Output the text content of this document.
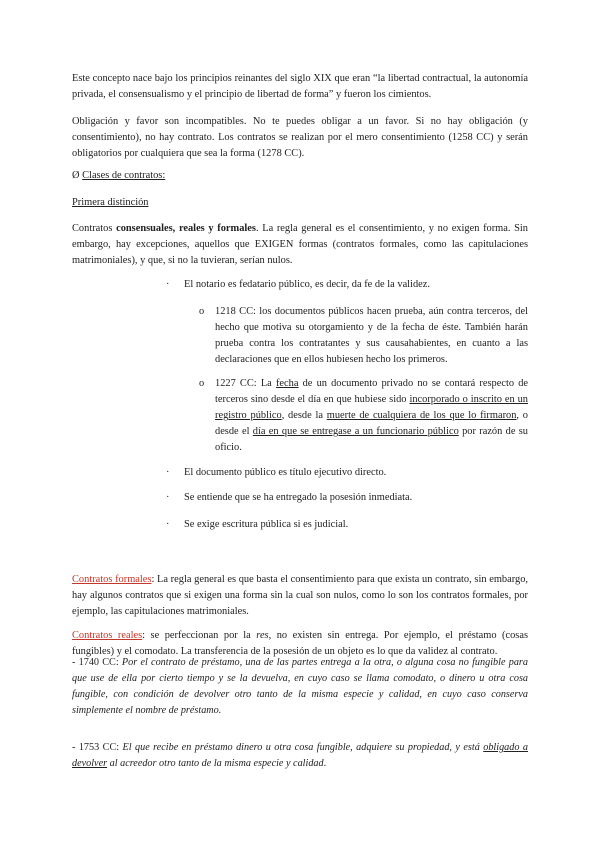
Este concepto nace bajo los principios reinantes del siglo XIX que eran “la libertad contractual, la autonomía privada, el consensualismo y el principio de libertad de forma” y fueron los cimientos.

Obligación y favor son incompatibles. No te puedes obligar a un favor. Si no hay obligación (y consentimiento), no hay contrato. Los contratos se realizan por el mero consentimiento (1258 CC) y serán obligatorios por cualquiera que sea la forma (1278 CC).

Ø Clases de contratos:

Primera distinción

Contratos consensuales, reales y formales. La regla general es el consentimiento, y no exigen forma. Sin embargo, hay excepciones, aquellos que EXIGEN formas (contratos formales, como las capitulaciones matrimoniales), y que, si no la tuvieran, serían nulos.

· El notario es fedatario público, es decir, da fe de la validez.
o 1218 CC: los documentos públicos hacen prueba, aún contra terceros, del hecho que motiva su otorgamiento y de la fecha de éste. También harán prueba contra los contratantes y sus causahabientes, en cuanto a las declaraciones que en ellos hubiesen hecho los primeros.
o 1227 CC: La fecha de un documento privado no se contará respecto de terceros sino desde el día en que hubiese sido incorporado o inscrito en un registro público, desde la muerte de cualquiera de los que lo firmaron, o desde el día en que se entregase a un funcionario público por razón de su oficio.
· El documento público es título ejecutivo directo.
· Se entiende que se ha entregado la posesión inmediata.
· Se exige escritura pública si es judicial.

Contratos formales: La regla general es que basta el consentimiento para que exista un contrato, sin embargo, hay algunos contratos que si exigen una forma sin la cual son nulos, como lo son los contratos formales, por ejemplo, las capitulaciones matrimoniales.

Contratos reales: se perfeccionan por la res, no existen sin entrega. Por ejemplo, el préstamo (cosas fungibles) y el comodato. La transferencia de la posesión de un objeto es lo que da validez al contrato.

- 1740 CC: Por el contrato de préstamo, una de las partes entrega a la otra, o alguna cosa no fungible para que use de ella por cierto tiempo y se la devuelva, en cuyo caso se llama comodato, o dinero u otra cosa fungible, con condición de devolver otro tanto de la misma especie y calidad, en cuyo caso conserva simplemente el nombre de préstamo.

- 1753 CC: El que recibe en préstamo dinero u otra cosa fungible, adquiere su propiedad, y está obligado a devolver al acreedor otro tanto de la misma especie y calidad.
